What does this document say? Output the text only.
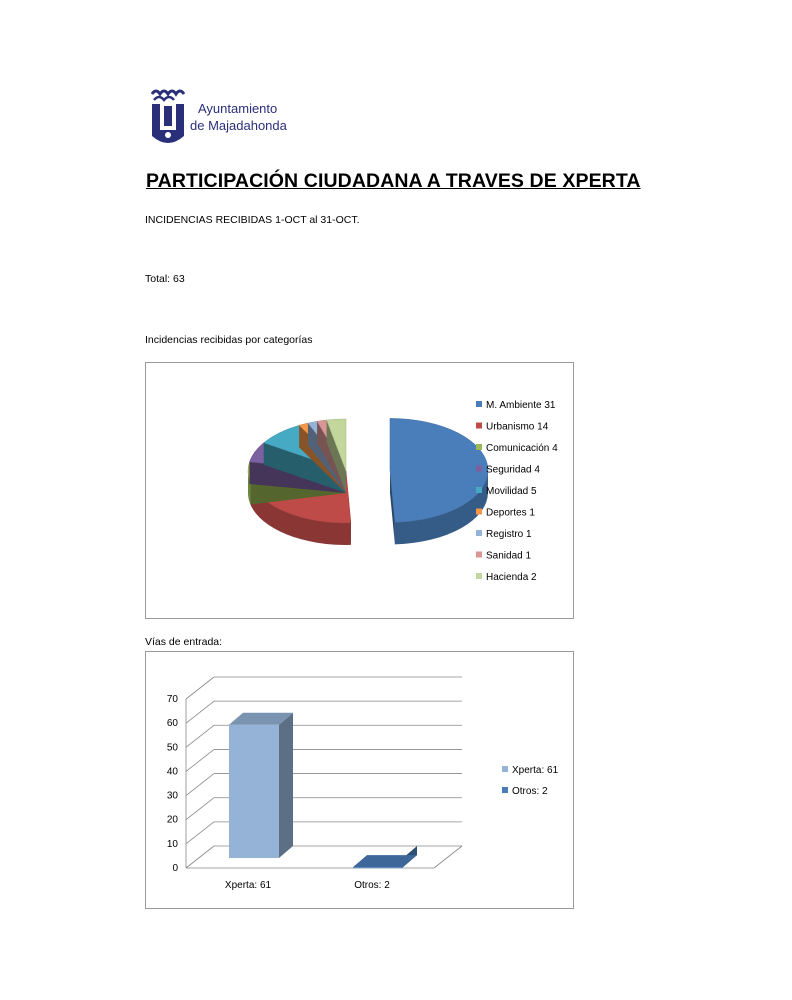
Ayuntamiento
de Majadahonda
PARTICIPACIÓN CIUDADANA A TRAVES DE XPERTA
INCIDENCIAS RECIBIDAS 1-OCT al 31-OCT.
Total: 63
Incidencias recibidas por categorías
M. Ambiente 31
Urbanismo 14
Comunicación 4
Seguridad 4
Movilidad 5
Deportes 1
Registro 1
Sanidad 1
Hacienda 2
Vías de entrada:
0
10
20
30
40
50
60
70
Xperta: 61	Otros: 2
Xperta: 61
Otros: 2
